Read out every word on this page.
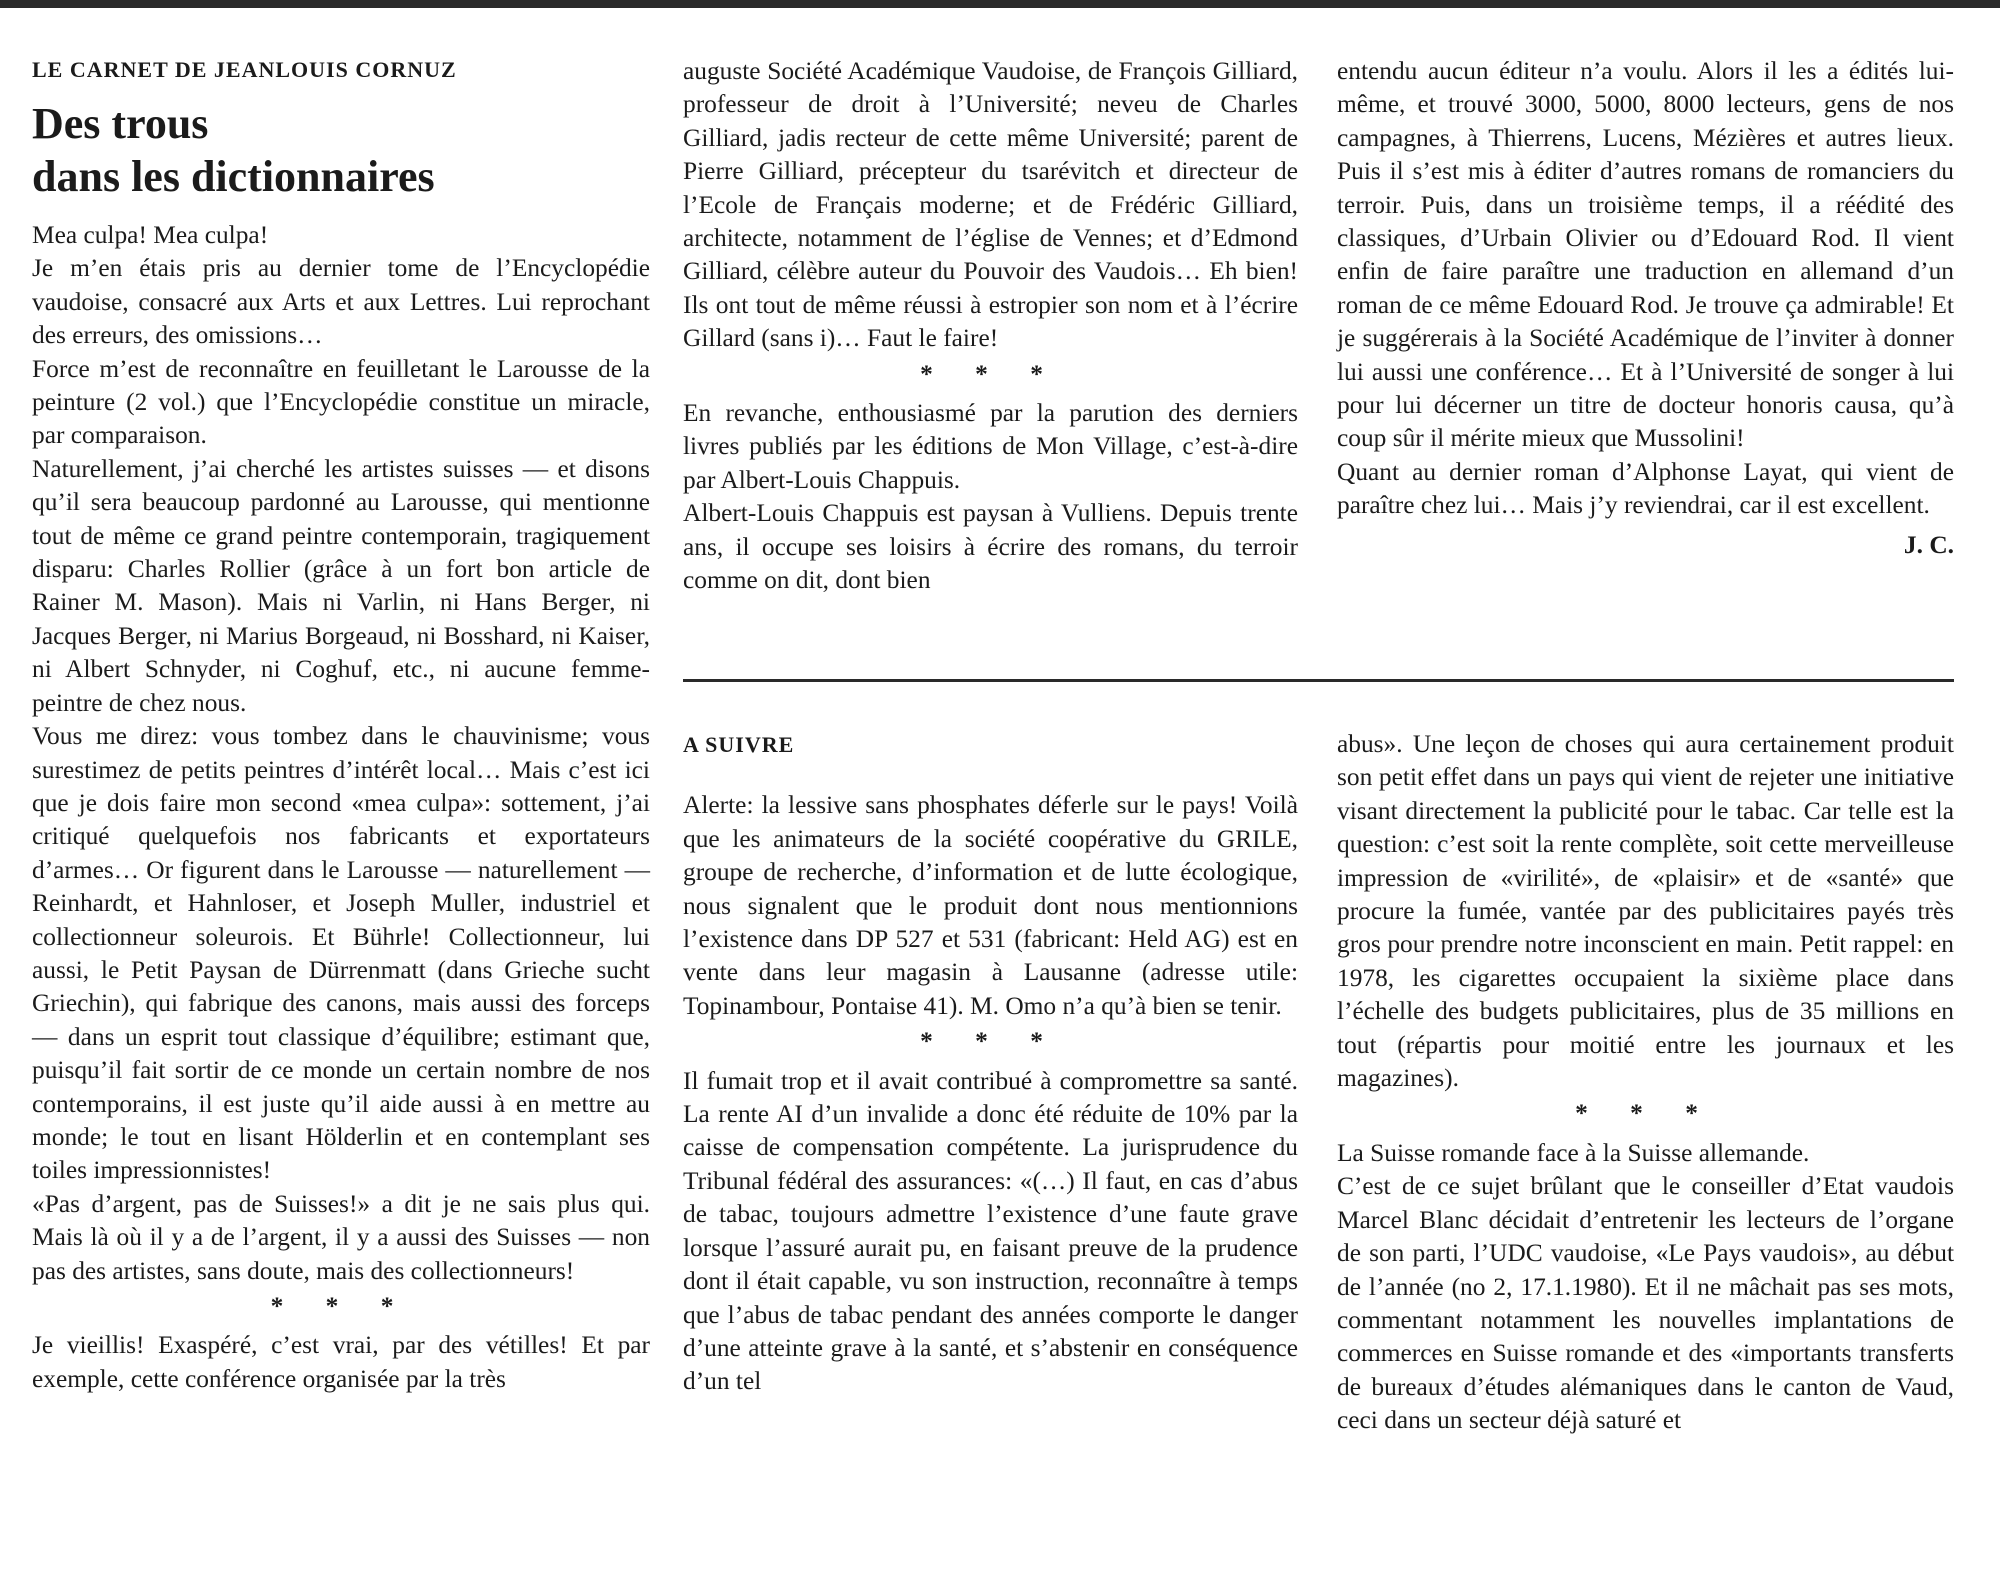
LE CARNET DE JEANLOUIS CORNUZ

Des trous
dans les dictionnaires

Mea culpa! Mea culpa!

Je m’en étais pris au dernier tome de l’Encyclopédie vaudoise, consacré aux Arts et aux Lettres. Lui reprochant des erreurs, des omissions…

Force m’est de reconnaître en feuilletant le Larousse de la peinture (2 vol.) que l’Encyclopédie constitue un miracle, par comparaison.

Naturellement, j’ai cherché les artistes suisses — et disons qu’il sera beaucoup pardonné au Larousse, qui mentionne tout de même ce grand peintre contemporain, tragiquement disparu: Charles Rollier (grâce à un fort bon article de Rainer M. Mason). Mais ni Varlin, ni Hans Berger, ni Jacques Berger, ni Marius Borgeaud, ni Bosshard, ni Kaiser, ni Albert Schnyder, ni Coghuf, etc., ni aucune femme-peintre de chez nous.

Vous me direz: vous tombez dans le chauvinisme; vous surestimez de petits peintres d’intérêt local… Mais c’est ici que je dois faire mon second «mea culpa»: sottement, j’ai critiqué quelquefois nos fabricants et exportateurs d’armes… Or figurent dans le Larousse — naturellement — Reinhardt, et Hahnloser, et Joseph Muller, industriel et collectionneur soleurois. Et Bührle! Collectionneur, lui aussi, le Petit Paysan de Dürrenmatt (dans Grieche sucht Griechin), qui fabrique des canons, mais aussi des forceps — dans un esprit tout classique d’équilibre; estimant que, puisqu’il fait sortir de ce monde un certain nombre de nos contemporains, il est juste qu’il aide aussi à en mettre au monde; le tout en lisant Hölderlin et en contemplant ses toiles impressionnistes!

«Pas d’argent, pas de Suisses!» a dit je ne sais plus qui. Mais là où il y a de l’argent, il y a aussi des Suisses — non pas des artistes, sans doute, mais des collectionneurs!

* * *

Je vieillis! Exaspéré, c’est vrai, par des vétilles! Et par exemple, cette conférence organisée par la très

auguste Société Académique Vaudoise, de François Gilliard, professeur de droit à l’Université; neveu de Charles Gilliard, jadis recteur de cette même Université; parent de Pierre Gilliard, précepteur du tsarévitch et directeur de l’Ecole de Français moderne; et de Frédéric Gilliard, architecte, notamment de l’église de Vennes; et d’Edmond Gilliard, célèbre auteur du Pouvoir des Vaudois… Eh bien! Ils ont tout de même réussi à estropier son nom et à l’écrire Gillard (sans i)… Faut le faire!

* * *

En revanche, enthousiasmé par la parution des derniers livres publiés par les éditions de Mon Village, c’est-à-dire par Albert-Louis Chappuis.

Albert-Louis Chappuis est paysan à Vulliens. Depuis trente ans, il occupe ses loisirs à écrire des romans, du terroir comme on dit, dont bien

entendu aucun éditeur n’a voulu. Alors il les a édités lui-même, et trouvé 3000, 5000, 8000 lecteurs, gens de nos campagnes, à Thierrens, Lucens, Mézières et autres lieux. Puis il s’est mis à éditer d’autres romans de romanciers du terroir. Puis, dans un troisième temps, il a réédité des classiques, d’Urbain Olivier ou d’Edouard Rod. Il vient enfin de faire paraître une traduction en allemand d’un roman de ce même Edouard Rod. Je trouve ça admirable! Et je suggérerais à la Société Académique de l’inviter à donner lui aussi une conférence… Et à l’Université de songer à lui pour lui décerner un titre de docteur honoris causa, qu’à coup sûr il mérite mieux que Mussolini!

Quant au dernier roman d’Alphonse Layat, qui vient de paraître chez lui… Mais j’y reviendrai, car il est excellent.

J. C.

A SUIVRE

Alerte: la lessive sans phosphates déferle sur le pays! Voilà que les animateurs de la société coopérative du GRILE, groupe de recherche, d’information et de lutte écologique, nous signalent que le produit dont nous mentionnions l’existence dans DP 527 et 531 (fabricant: Held AG) est en vente dans leur magasin à Lausanne (adresse utile: Topinambour, Pontaise 41). M. Omo n’a qu’à bien se tenir.

* * *

Il fumait trop et il avait contribué à compromettre sa santé. La rente AI d’un invalide a donc été réduite de 10% par la caisse de compensation compétente. La jurisprudence du Tribunal fédéral des assurances: «(…) Il faut, en cas d’abus de tabac, toujours admettre l’existence d’une faute grave lorsque l’assuré aurait pu, en faisant preuve de la prudence dont il était capable, vu son instruction, reconnaître à temps que l’abus de tabac pendant des années comporte le danger d’une atteinte grave à la santé, et s’abstenir en conséquence d’un tel

abus». Une leçon de choses qui aura certainement produit son petit effet dans un pays qui vient de rejeter une initiative visant directement la publicité pour le tabac. Car telle est la question: c’est soit la rente complète, soit cette merveilleuse impression de «virilité», de «plaisir» et de «santé» que procure la fumée, vantée par des publicitaires payés très gros pour prendre notre inconscient en main. Petit rappel: en 1978, les cigarettes occupaient la sixième place dans l’échelle des budgets publicitaires, plus de 35 millions en tout (répartis pour moitié entre les journaux et les magazines).

* * *

La Suisse romande face à la Suisse allemande.

C’est de ce sujet brûlant que le conseiller d’Etat vaudois Marcel Blanc décidait d’entretenir les lecteurs de l’organe de son parti, l’UDC vaudoise, «Le Pays vaudois», au début de l’année (no 2, 17.1.1980). Et il ne mâchait pas ses mots, commentant notamment les nouvelles implantations de commerces en Suisse romande et des «importants transferts de bureaux d’études alémaniques dans le canton de Vaud, ceci dans un secteur déjà saturé et
